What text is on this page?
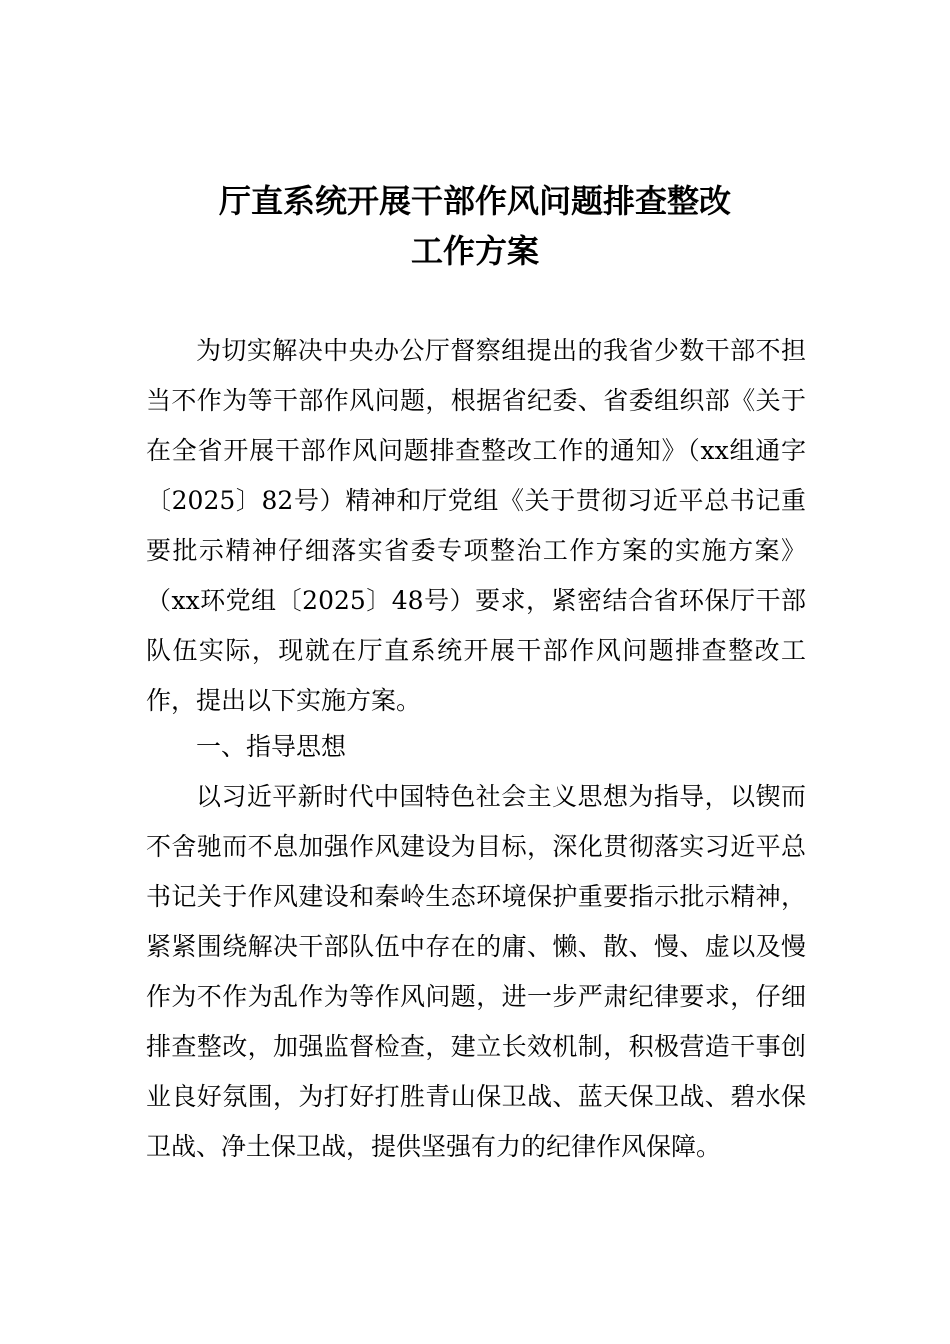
厅直系统开展干部作风问题排查整改
工作方案

为切实解决中央办公厅督察组提出的我省少数干部不担当不作为等干部作风问题，根据省纪委、省委组织部《关于在全省开展干部作风问题排查整改工作的通知》（xx组通字〔2025〕82号）精神和厅党组《关于贯彻习近平总书记重要批示精神仔细落实省委专项整治工作方案的实施方案》（xx环党组〔2025〕48号）要求，紧密结合省环保厅干部队伍实际，现就在厅直系统开展干部作风问题排查整改工作，提出以下实施方案。

一、指导思想

以习近平新时代中国特色社会主义思想为指导，以锲而不舍驰而不息加强作风建设为目标，深化贯彻落实习近平总书记关于作风建设和秦岭生态环境保护重要指示批示精神，紧紧围绕解决干部队伍中存在的庸、懒、散、慢、虚以及慢作为不作为乱作为等作风问题，进一步严肃纪律要求，仔细排查整改，加强监督检查，建立长效机制，积极营造干事创业良好氛围，为打好打胜青山保卫战、蓝天保卫战、碧水保卫战、净土保卫战，提供坚强有力的纪律作风保障。
